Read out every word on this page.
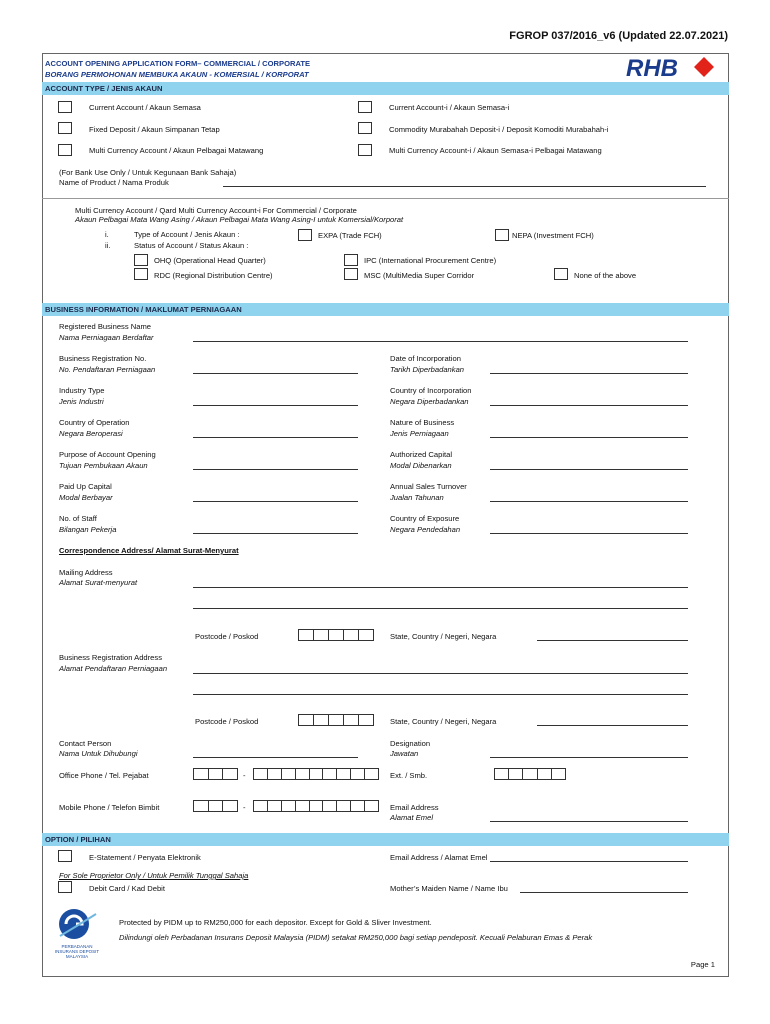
FGROP 037/2016_v6 (Updated 22.07.2021)
ACCOUNT OPENING APPLICATION FORM– COMMERCIAL / CORPORATE
BORANG PERMOHONAN MEMBUKA AKAUN - KOMERSIAL / KORPORAT	RHB
ACCOUNT TYPE / JENIS AKAUN
Current Account / Akaun Semasa	Current Account-i / Akaun Semasa-i
Fixed Deposit / Akaun Simpanan Tetap	Commodity Murabahah Deposit-i / Deposit Komoditi Murabahah-i
Multi Currency Account / Akaun Pelbagai Matawang	Multi Currency Account-i / Akaun Semasa-i Pelbagai Matawang
(For Bank Use Only / Untuk Kegunaan Bank Sahaja)
Name of Product / Nama Produk
Multi Currency Account / Qard Multi Currency Account-i For Commercial / Corporate
Akaun Pelbagai Mata Wang Asing / Akaun Pelbagai Mata Wang Asing-I untuk Komersial/Korporat
i.	Type of Account / Jenis Akaun :
ii.	Status of Account / Status Akaun :
EXPA (Trade FCH)	NEPA (Investment FCH)
OHQ (Operational Head Quarter)	IPC (International Procurement Centre)
RDC (Regional Distribution Centre)	MSC (MultiMedia Super Corridor	None of the above
BUSINESS INFORMATION / MAKLUMAT PERNIAGAAN
Registered Business Name
Nama Perniagaan Berdaftar
Business Registration No.
No. Pendaftaran Perniagaan
Date of Incorporation
Tarikh Diperbadankan
Industry Type
Jenis Industri
Country of Incorporation
Negara Diperbadankan
Country of Operation
Negara Beroperasi
Nature of Business
Jenis Perniagaan
Purpose of Account Opening
Tujuan Pembukaan Akaun
Authorized Capital
Modal Dibenarkan
Paid Up Capital
Modal Berbayar
Annual Sales Turnover
Jualan Tahunan
No. of Staff
Bilangan Pekerja
Country of Exposure
Negara Pendedahan
Correspondence Address/ Alamat Surat-Menyurat
Mailing Address
Alamat Surat-menyurat
Postcode / Poskod	State, Country / Negeri, Negara
Business Registration Address
Alamat Pendaftaran Perniagaan
Postcode / Poskod	State, Country / Negeri, Negara
Contact Person
Nama Untuk Dihubungi
Designation
Jawatan
Office Phone / Tel. Pejabat	-	Ext. / Smb.
Mobile Phone / Telefon Bimbit	-	Email Address
Alamat Emel
OPTION / PILIHAN
E-Statement / Penyata Elektronik	Email Address / Alamat Emel
For Sole Proprietor Only / Untuk Pemilik Tunggal Sahaja
Debit Card / Kad Debit	Mother’s Maiden Name / Name Ibu
PERBADANAN INSURANS DEPOSIT MALAYSIA
Protected by PIDM up to RM250,000 for each depositor. Except for Gold & Sliver Investment.
Dilindungi oleh Perbadanan Insurans Deposit Malaysia (PIDM) setakat RM250,000 bagi setiap pendeposit. Kecuali Pelaburan Emas & Perak
Page 1
